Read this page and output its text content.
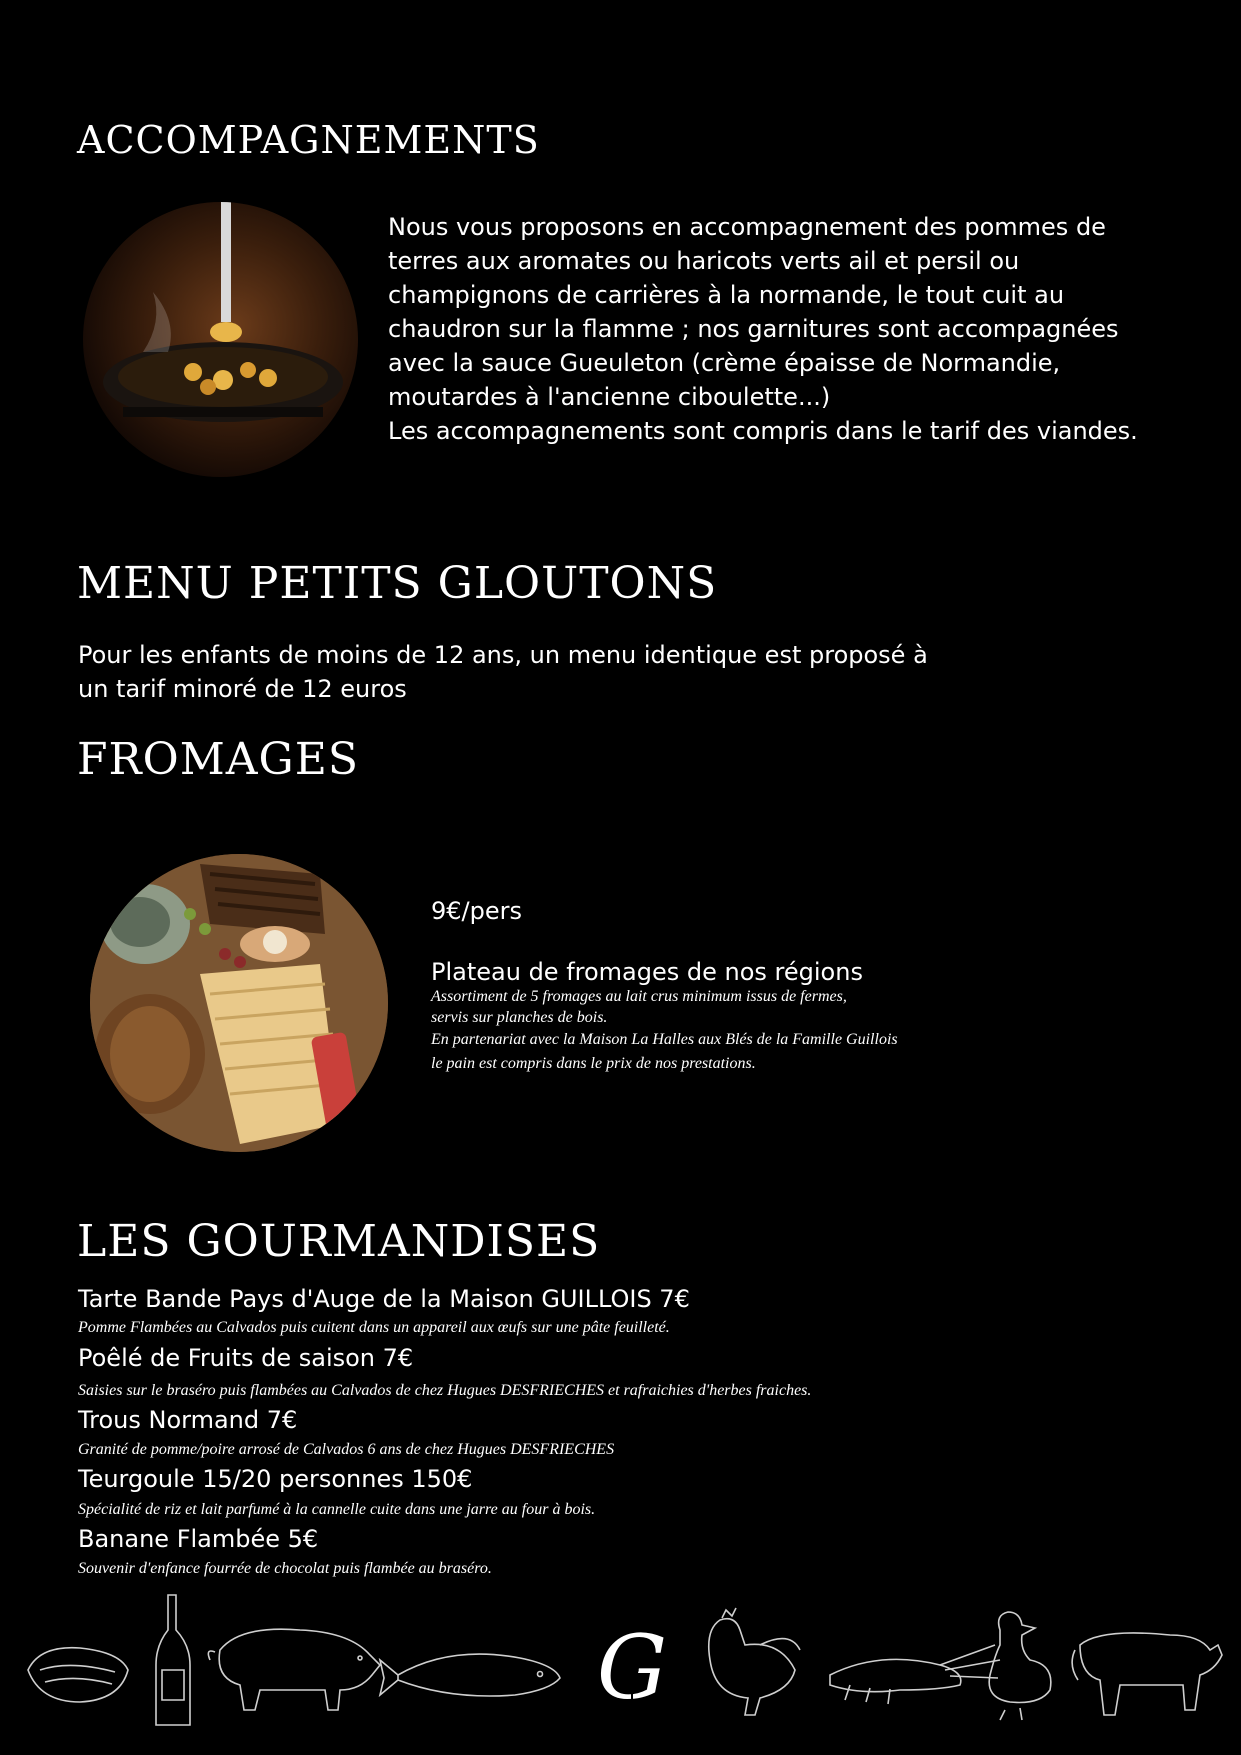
ACCOMPAGNEMENTS
Nous vous proposons en accompagnement des pommes de
terres aux aromates ou haricots verts ail et persil ou
champignons de carrières à la normande, le tout cuit au
chaudron sur la flamme ; nos garnitures sont accompagnées
avec la sauce Gueuleton (crème épaisse de Normandie,
moutardes à l'ancienne ciboulette...)
Les accompagnements sont compris dans le tarif des viandes.
MENU PETITS GLOUTONS
Pour les enfants de moins de 12 ans, un menu identique est proposé à
un tarif minoré de 12 euros
FROMAGES
9€/pers
Plateau de fromages de nos régions
Assortiment de 5 fromages au lait crus minimum issus de fermes,
servis sur planches de bois.
En partenariat avec la Maison La Halles aux Blés de la Famille Guillois
le pain est compris dans le prix de nos prestations.
LES GOURMANDISES
Tarte Bande Pays d'Auge de la Maison GUILLOIS 7€
Pomme Flambées au Calvados puis cuitent dans un appareil aux œufs sur une pâte feuilleté.
Poêlé de Fruits de saison 7€
Saisies sur le braséro puis flambées au Calvados de chez Hugues DESFRIECHES et rafraichies d'herbes fraiches.
Trous Normand 7€
Granité de pomme/poire arrosé de Calvados 6 ans de chez Hugues DESFRIECHES
Teurgoule 15/20 personnes 150€
Spécialité de riz et lait parfumé à la cannelle cuite dans une jarre au four à bois.
Banane Flambée 5€
Souvenir d'enfance fourrée de chocolat puis flambée au braséro.
G
